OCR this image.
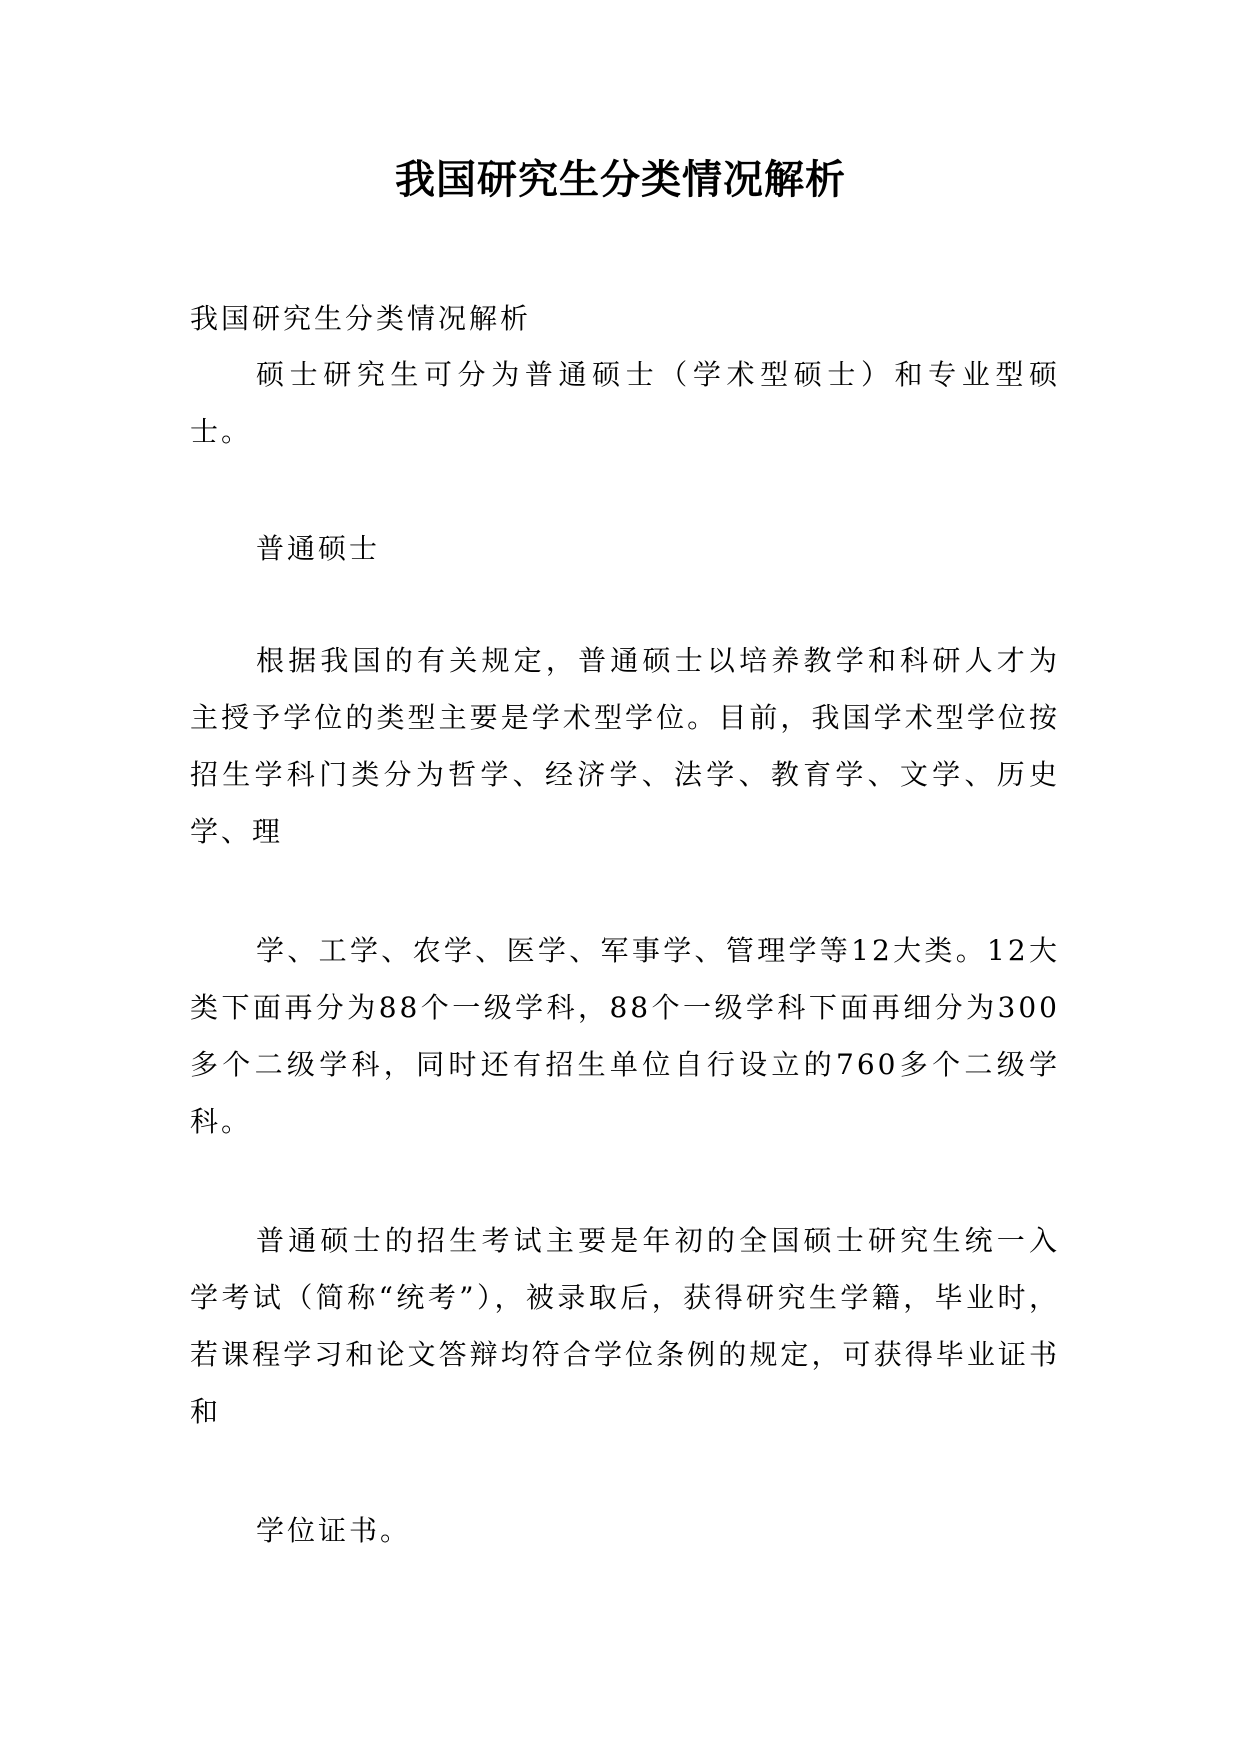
我国研究生分类情况解析
我国研究生分类情况解析
硕士研究生可分为普通硕士（学术型硕士）和专业型硕士。
普通硕士
根据我国的有关规定，普通硕士以培养教学和科研人才为主授予学位的类型主要是学术型学位。目前，我国学术型学位按招生学科门类分为哲学、经济学、法学、教育学、文学、历史学、理
学、工学、农学、医学、军事学、管理学等12大类。12大类下面再分为88个一级学科，88个一级学科下面再细分为300多个二级学科，同时还有招生单位自行设立的760多个二级学科。
普通硕士的招生考试主要是年初的全国硕士研究生统一入学考试（简称“统考”），被录取后，获得研究生学籍，毕业时，若课程学习和论文答辩均符合学位条例的规定，可获得毕业证书和
学位证书。
